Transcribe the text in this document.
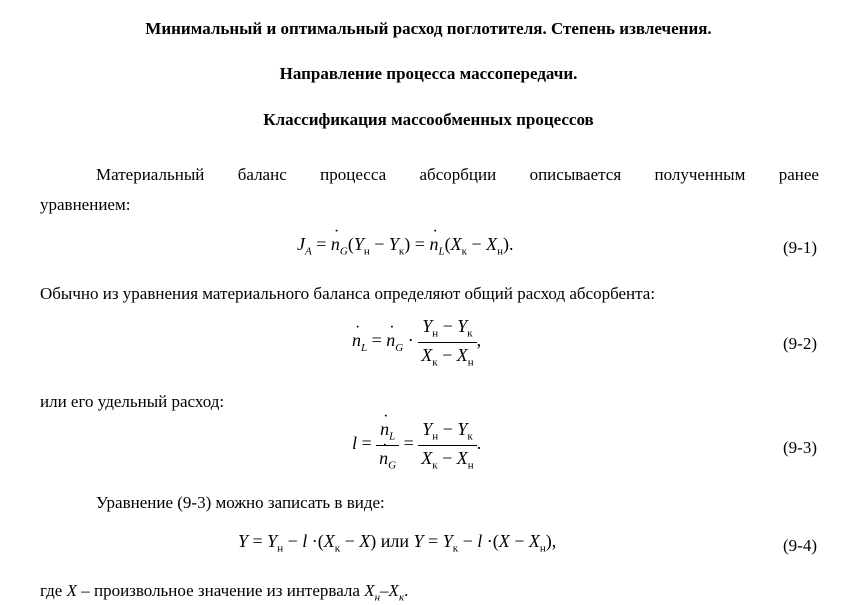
Минимальный и оптимальный расход поглотителя. Степень извлечения.
Направление процесса массопередачи.
Классификация массообменных процессов
Материальный баланс процесса абсорбции описывается полученным ранее
уравнением:
$J_A$ = · $n_G(Y_н - Y_к)$ = · $n_L(X_к - X_н)$.	(9-1)
Обычно из уравнения материального баланса определяют общий расход абсорбента:
· $n_L$ = · $n_G \cdot \frac{Y_н - Y_к}{X_к - X_н}$ ,	(9-2)
или его удельный расход:
l = · $n_L$
· $n_G = \frac{Y_н - Y_к}{X_к - X_н}$ .	(9-3)
Уравнение (9-3) можно записать в виде:
$Y = Y_н - l \cdot(X_к - X)$ или $Y = Y_к - l \cdot(X - X_н)$,	(9-4)
где X – произвольное значение из интервала $X_н-X_к$.
